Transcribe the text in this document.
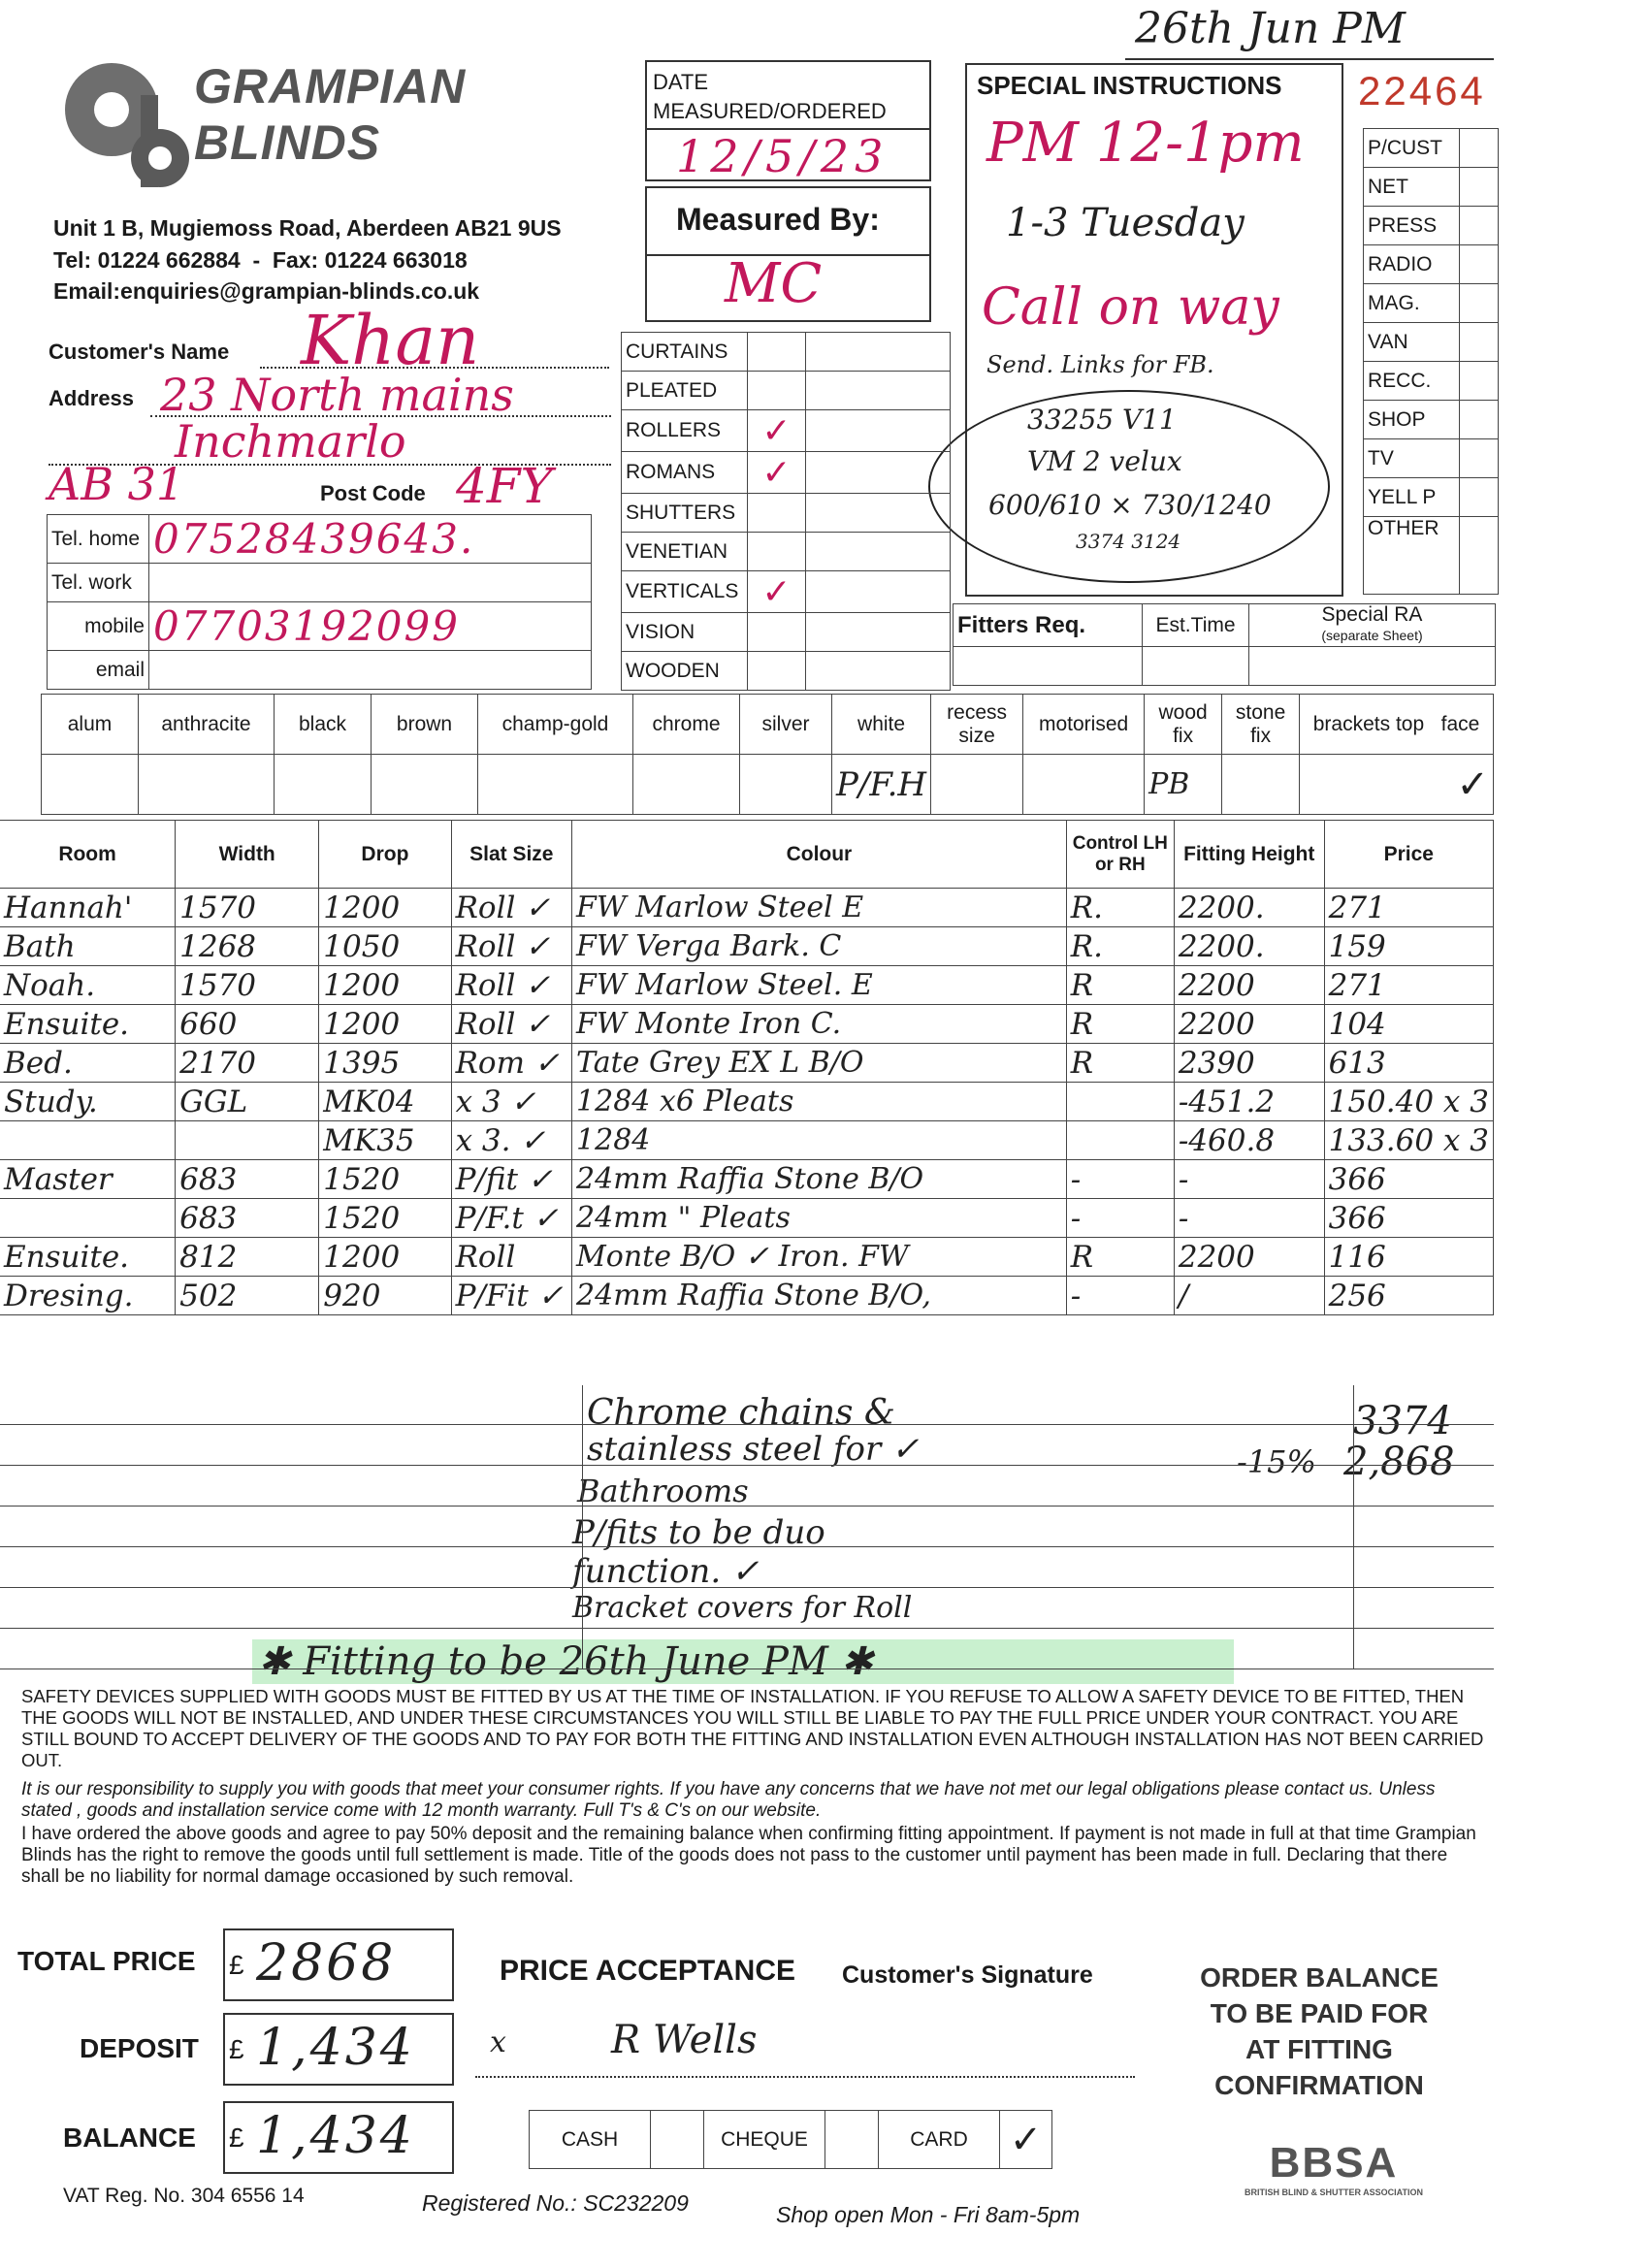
26th Jun PM
GRAMPIAN
BLINDS
Unit 1 B, Mugiemoss Road, Aberdeen AB21 9US
Tel: 01224 662884  -  Fax: 01224 663018
Email:enquiries@grampian-blinds.co.uk
DATE MEASURED/ORDERED
12/5/23
Measured By:
MC
SPECIAL INSTRUCTIONS
PM 12-1pm
1-3 Tuesday
Call on way
Send. Links for FB.
33255 V11
VM 2 velux
600/610 × 730/1240
3374 3124
22464
P/CUST	
NET	
PRESS	
RADIO	
MAG.	
VAN	
RECC.	
SHOP	
TV	
YELL P	
OTHER	
Customer's Name Khan
Address 23 North mains
Inchmarlo
AB 31	Post Code 4FY
Tel. home	07528439643.
Tel. work	
mobile	07703192099
email	
CURTAINS		
PLEATED		
ROLLERS	✓	
ROMANS	✓	
SHUTTERS		
VENETIAN		
VERTICALS	✓	
VISION		
WOODEN		
Fitters Req.	Est.Time	Special RA
(separate Sheet)

alum	anthracite	black	brown	champ-gold	chrome	silver	white	recess size	motorised	wood fix	stone fix	brackets top   face
							P/F.H			PB		✓
Room	Width	Drop	Slat Size	Colour	Control LH or RH	Fitting Height	Price
Hannah'	1570	1200	Roll ✓	FW Marlow Steel E	R.	2200.	271
Bath	1268	1050	Roll ✓	FW Verga Bark. C	R.	2200.	159
Noah.	1570	1200	Roll ✓	FW Marlow Steel. E	R	2200	271
Ensuite.	660	1200	Roll ✓	FW Monte Iron C.	R	2200	104
Bed.	2170	1395	Rom ✓	Tate Grey EX L B/O	R	2390	613
Study.	GGL	MK04	x 3 ✓	1284 x6 Pleats		-451.2	150.40 x 3
		MK35	x 3. ✓	1284		-460.8	133.60 x 3
Master	683	1520	P/fit ✓	24mm Raffia Stone B/O	-	-	366
	683	1520	P/F.t ✓	24mm " Pleats	-	-	366
Ensuite.	812	1200	Roll	Monte B/O ✓ Iron. FW	R	2200	116
Dresing.	502	920	P/Fit ✓	24mm Raffia Stone B/O,	-	/	256
Chrome chains &
stainless steel for ✓
Bathrooms
P/fits to be duo
function. ✓
Bracket covers for Roll
3374
-15% 2,868
✱ Fitting to be 26th June PM ✱
SAFETY DEVICES SUPPLIED WITH GOODS MUST BE FITTED BY US AT THE TIME OF INSTALLATION. IF YOU REFUSE TO ALLOW A SAFETY DEVICE TO BE FITTED, THEN THE GOODS WILL NOT BE INSTALLED, AND UNDER THESE CIRCUMSTANCES YOU WILL STILL BE LIABLE TO PAY THE FULL PRICE UNDER YOUR CONTRACT. YOU ARE STILL BOUND TO ACCEPT DELIVERY OF THE GOODS AND TO PAY FOR BOTH THE FITTING AND INSTALLATION EVEN ALTHOUGH INSTALLATION HAS NOT BEEN CARRIED OUT.
It is our responsibility to supply you with goods that meet your consumer rights. If you have any concerns that we have not met our legal obligations please contact us. Unless stated , goods and installation service come with 12 month warranty. Full T's & C's on our website.
I have ordered the above goods and agree to pay 50% deposit and the remaining balance when confirming fitting appointment. If payment is not made in full at that time Grampian Blinds has the right to remove the goods until full settlement is made. Title of the goods does not pass to the customer until payment has been made in full. Declaring that there shall be no liability for normal damage occasioned by such removal.
TOTAL PRICE £ 2868
DEPOSIT £ 1,434
BALANCE £ 1,434
PRICE ACCEPTANCE Customer's Signature
x	R Wells
CASH		CHEQUE		CARD	✓
ORDER BALANCE
TO BE PAID FOR
AT FITTING
CONFIRMATION
BBSA
BRITISH BLIND & SHUTTER ASSOCIATION
VAT Reg. No. 304 6556 14	Registered No.: SC232209	Shop open Mon - Fri 8am-5pm
